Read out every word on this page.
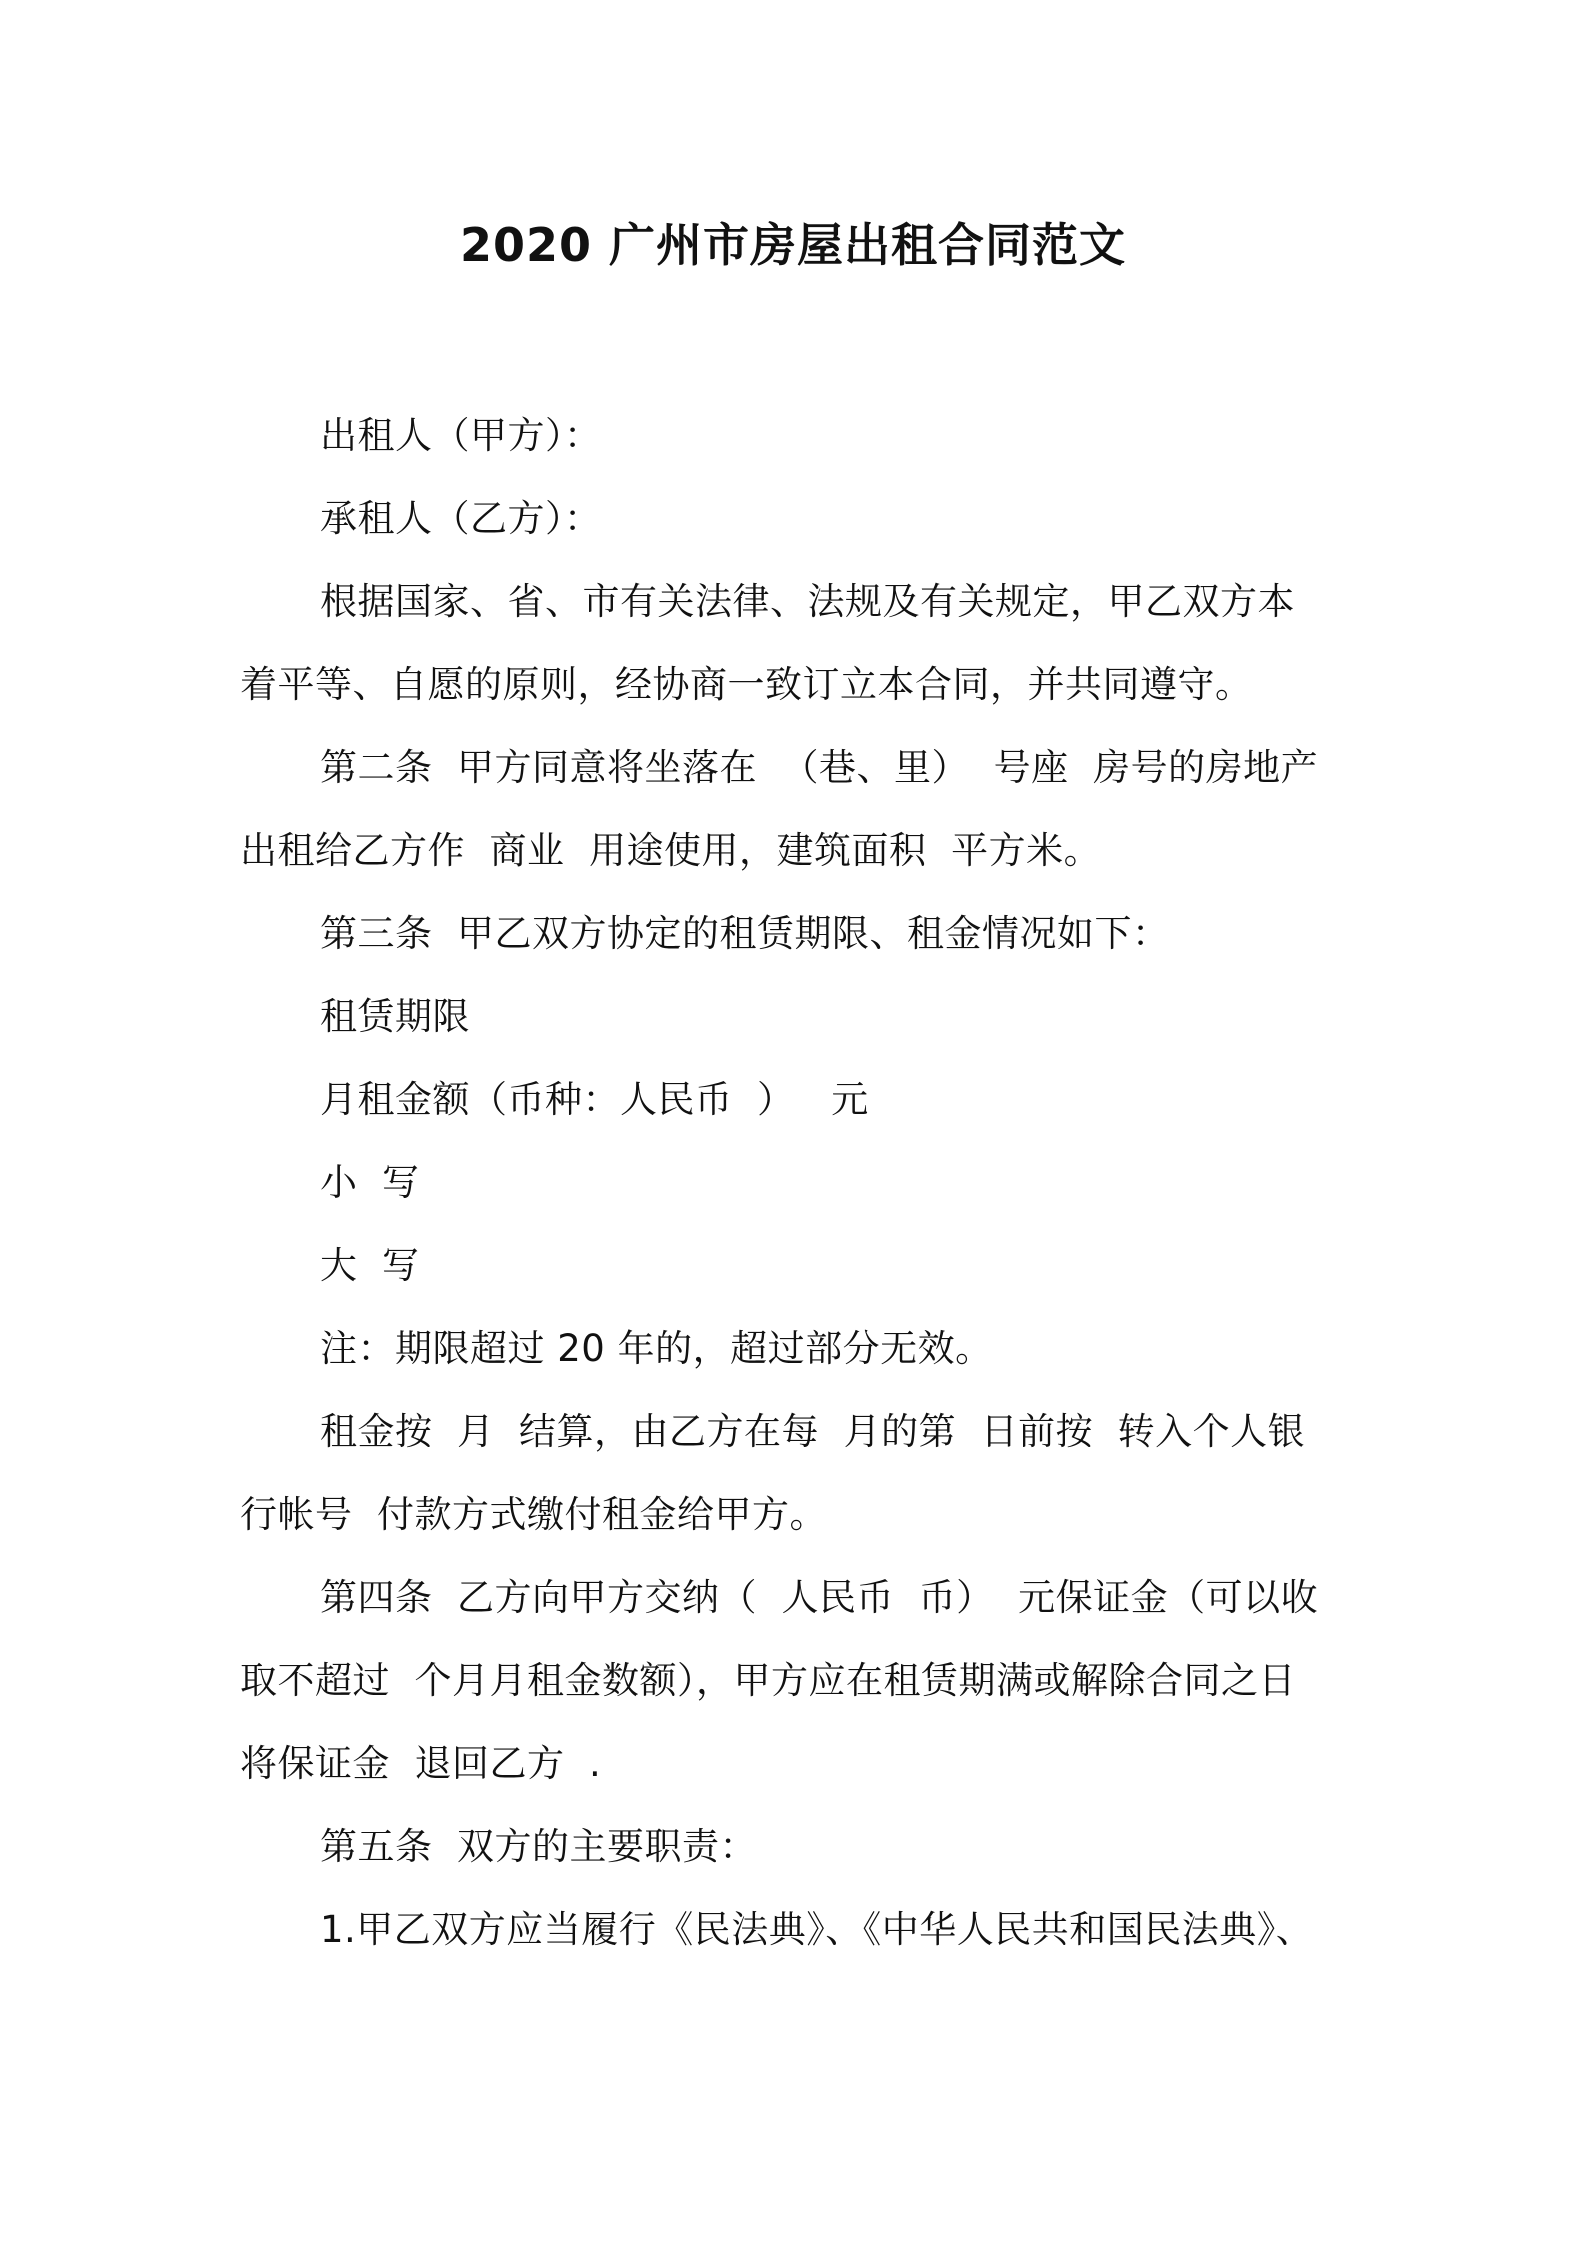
2020 广州市房屋出租合同范文
出租人（甲方）：
承租人（乙方）：
根据国家、省、市有关法律、法规及有关规定，甲乙双方本
着平等、自愿的原则，经协商一致订立本合同，并共同遵守。
第二条  甲方同意将坐落在  （巷、里）  号座  房号的房地产
出租给乙方作  商业  用途使用，建筑面积  平方米。
第三条  甲乙双方协定的租赁期限、租金情况如下：
租赁期限
月租金额（币种：人民币  ）   元
小  写
大  写
注：期限超过 20 年的，超过部分无效。
租金按  月  结算，由乙方在每  月的第  日前按  转入个人银
行帐号  付款方式缴付租金给甲方。
第四条  乙方向甲方交纳（  人民币  币）  元保证金（可以收
取不超过  个月月租金数额），甲方应在租赁期满或解除合同之日
将保证金  退回乙方  .
第五条  双方的主要职责：
1.甲乙双方应当履行《民法典》、《中华人民共和国民法典》、
